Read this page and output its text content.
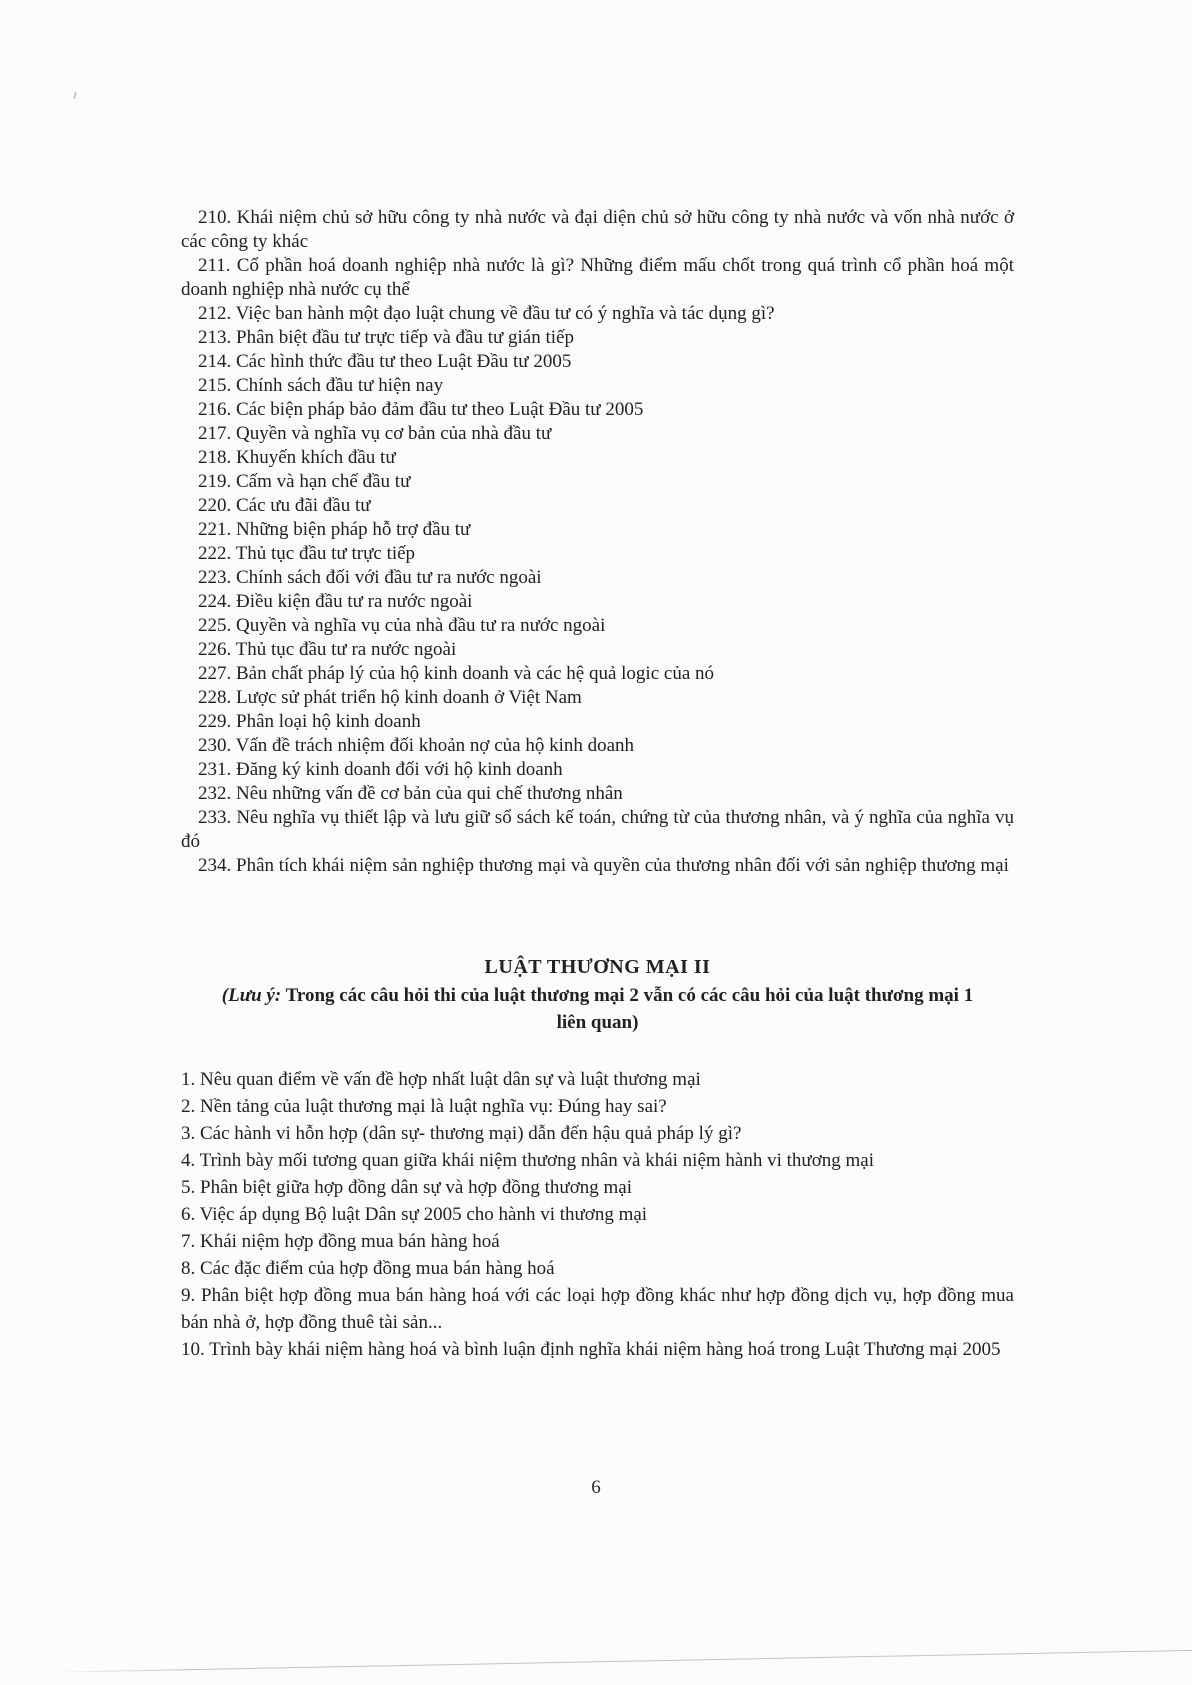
210. Khái niệm chủ sở hữu công ty nhà nước và đại diện chủ sở hữu công ty nhà nước và vốn nhà nước ở các công ty khác

211. Cổ phần hoá doanh nghiệp nhà nước là gì? Những điểm mấu chốt trong quá trình cổ phần hoá một doanh nghiệp nhà nước cụ thể

212. Việc ban hành một đạo luật chung về đầu tư có ý nghĩa và tác dụng gì?

213. Phân biệt đầu tư trực tiếp và đầu tư gián tiếp

214. Các hình thức đầu tư theo Luật Đầu tư 2005

215. Chính sách đầu tư hiện nay

216. Các biện pháp bảo đảm đầu tư theo Luật Đầu tư 2005

217. Quyền và nghĩa vụ cơ bản của nhà đầu tư

218. Khuyến khích đầu tư

219. Cấm và hạn chế đầu tư

220. Các ưu đãi đầu tư

221. Những biện pháp hỗ trợ đầu tư

222. Thủ tục đầu tư trực tiếp

223. Chính sách đối với đầu tư ra nước ngoài

224. Điều kiện đầu tư ra nước ngoài

225. Quyền và nghĩa vụ của nhà đầu tư ra nước ngoài

226. Thủ tục đầu tư ra nước ngoài

227. Bản chất pháp lý của hộ kinh doanh và các hệ quả logic của nó

228. Lược sử phát triển hộ kinh doanh ở Việt Nam

229. Phân loại hộ kinh doanh

230. Vấn đề trách nhiệm đối khoản nợ của hộ kinh doanh

231. Đăng ký kinh doanh đối với hộ kinh doanh

232. Nêu những vấn đề cơ bản của qui chế thương nhân

233. Nêu nghĩa vụ thiết lập và lưu giữ sổ sách kế toán, chứng từ của thương nhân, và ý nghĩa của nghĩa vụ đó

234. Phân tích khái niệm sản nghiệp thương mại và quyền của thương nhân đối với sản nghiệp thương mại

LUẬT THƯƠNG MẠI II

(Lưu ý: Trong các câu hỏi thi của luật thương mại 2 vẫn có các câu hỏi của luật thương mại 1 liên quan)

1. Nêu quan điểm về vấn đề hợp nhất luật dân sự và luật thương mại

2. Nền tảng của luật thương mại là luật nghĩa vụ: Đúng hay sai?

3. Các hành vi hỗn hợp (dân sự- thương mại) dẫn đến hậu quả pháp lý gì?

4. Trình bày mối tương quan giữa khái niệm thương nhân và khái niệm hành vi thương mại

5. Phân biệt giữa hợp đồng dân sự và hợp đồng thương mại

6. Việc áp dụng Bộ luật Dân sự 2005 cho hành vi thương mại

7. Khái niệm hợp đồng mua bán hàng hoá

8. Các đặc điểm của hợp đồng mua bán hàng hoá

9. Phân biệt hợp đồng mua bán hàng hoá với các loại hợp đồng khác như hợp đồng dịch vụ, hợp đồng mua bán nhà ở, hợp đồng thuê tài sản...

10. Trình bày khái niệm hàng hoá và bình luận định nghĩa khái niệm hàng hoá trong Luật Thương mại 2005

6
